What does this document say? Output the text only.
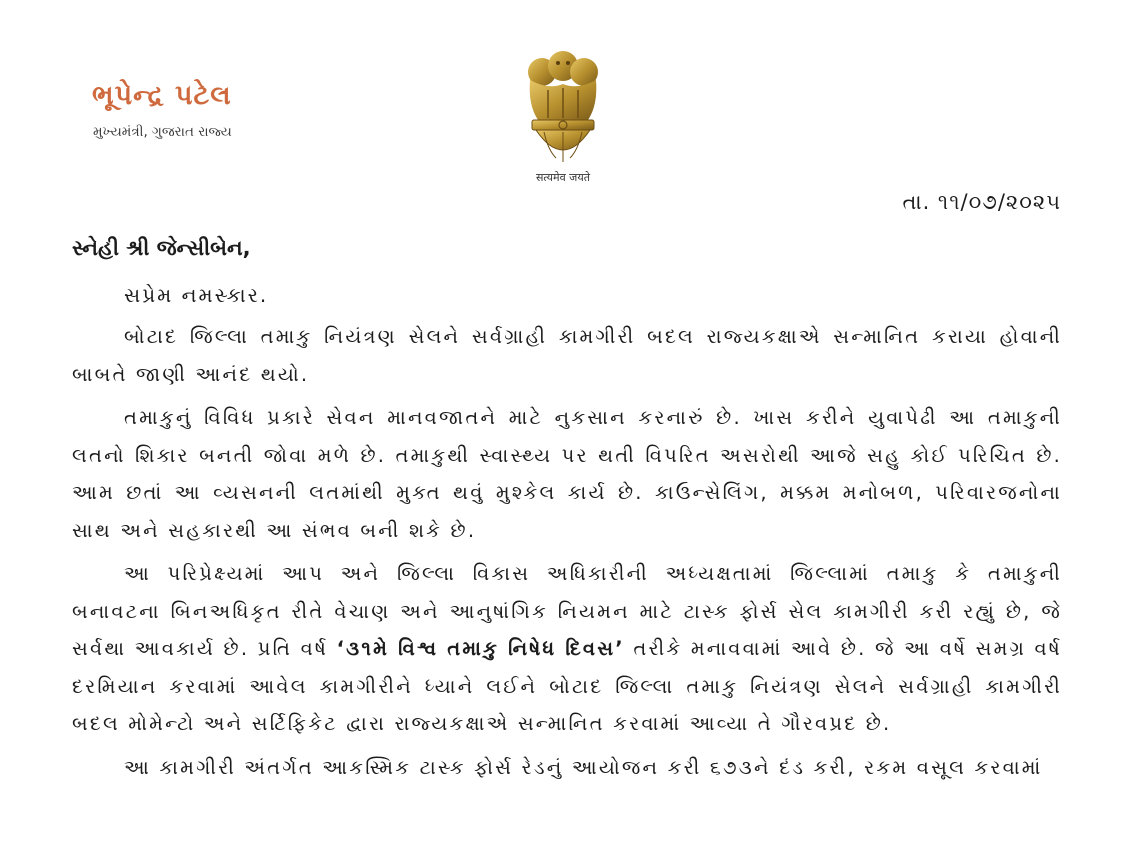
ભૂપેન્દ્ર પટેલ
મુખ્યમંત્રી, ગુજરાત રાજ્ય
सत्यमेव जयते
તા. ૧૧/૦૭/૨૦૨૫
સ્નેહી શ્રી જેન્સીબેન,
સપ્રેમ નમસ્કાર.

બોટાદ જિલ્લા તમાકુ નિયંત્રણ સેલને સર્વગ્રાહી કામગીરી બદલ રાજ્યકક્ષાએ સન્માનિત કરાયા હોવાની બાબતે જાણી આનંદ થયો.

તમાકુનું વિવિધ પ્રકારે સેવન માનવજાતને માટે નુકસાન કરનારું છે. ખાસ કરીને યુવાપેઢી આ તમાકુની લતનો શિકાર બનતી જોવા મળે છે. તમાકુથી સ્વાસ્થ્ય પર થતી વિપરિત અસરોથી આજે સહુ કોઈ પરિચિત છે. આમ છતાં આ વ્યસનની લતમાંથી મુક્ત થવું મુશ્કેલ કાર્ય છે. કાઉન્સેલિંગ, મક્કમ મનોબળ, પરિવારજનોના સાથ અને સહકારથી આ સંભવ બની શકે છે.

આ પરિપ્રેક્ષ્યમાં આપ અને જિલ્લા વિકાસ અધિકારીની અધ્યક્ષતામાં જિલ્લામાં તમાકુ કે તમાકુની બનાવટના બિનઅધિકૃત રીતે વેચાણ અને આનુષાંગિક નિયમન માટે ટાસ્ક ફોર્સ સેલ કામગીરી કરી રહ્યું છે, જે સર્વથા આવકાર્ય છે. પ્રતિ વર્ષ ‘૩૧મે વિશ્વ તમાકુ નિષેધ દિવસ’ તરીકે મનાવવામાં આવે છે. જે આ વર્ષે સમગ્ર વર્ષ દરમિયાન કરવામાં આવેલ કામગીરીને ધ્યાને લઈને બોટાદ જિલ્લા તમાકુ નિયંત્રણ સેલને સર્વગ્રાહી કામગીરી બદલ મોમેન્ટો અને સર્ટિફિકેટ દ્વારા રાજ્યકક્ષાએ સન્માનિત કરવામાં આવ્યા તે ગૌરવપ્રદ છે.

આ કામગીરી અંતર્ગત આકસ્મિક ટાસ્ક ફોર્સ રેડનું આયોજન કરી ૬૭૩ને દંડ કરી, રકમ વસૂલ કરવામાં
